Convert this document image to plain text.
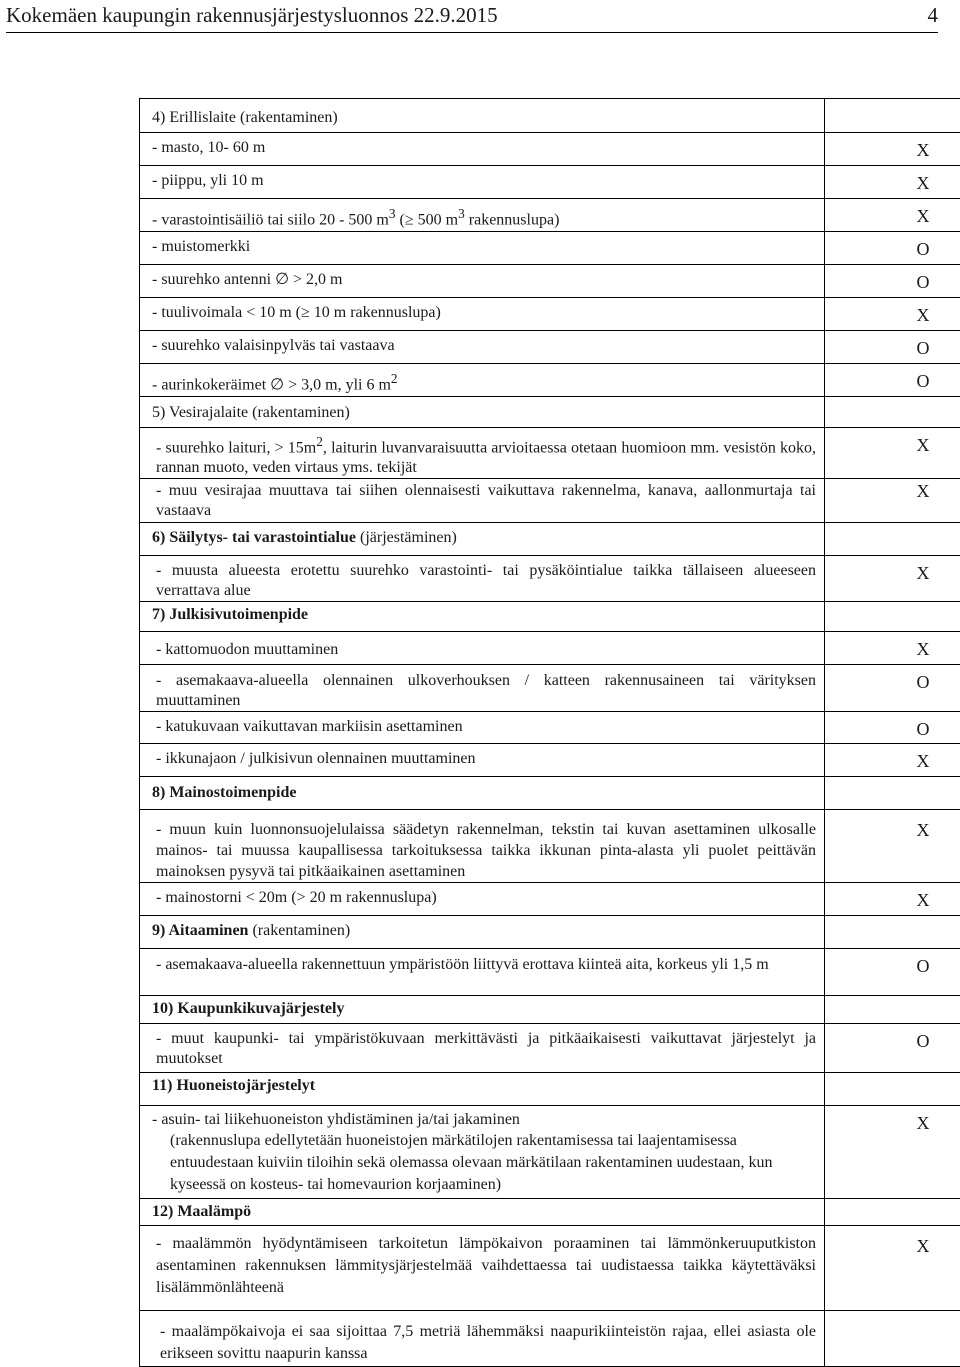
Kokemäen kaupungin rakennusjärjestysluonnos 22.9.2015	4
4) Erillislaite (rakentaminen)	

- masto, 10- 60 m	X

- piippu, yli 10 m	X

- varastointisäiliö tai siilo 20 - 500 $m^3$ (≥ 500 $m^3$ rakennuslupa)	X

- muistomerkki	O

- suurehko antenni ∅ > 2,0 m	O

- tuulivoimala < 10 m (≥ 10 m rakennuslupa)	X

- suurehko valaisinpylväs tai vastaava	O

- aurinkokeräimet ∅ > 3,0 m, yli 6 $m^2$	O

5) Vesirajalaite (rakentaminen)	

- suurehko laituri, > $15m^2$, laiturin luvanvaraisuutta arvioitaessa otetaan huomioon mm. vesistön koko, rannan muoto, veden virtaus yms. tekijät	X

- muu vesirajaa muuttava tai siihen olennaisesti vaikuttava rakennelma, kanava, aallonmurtaja tai vastaava	X

6) Säilytys- tai varastointialue (järjestäminen)	

- muusta alueesta erotettu suurehko varastointi- tai pysäköintialue taikka tällaiseen alueeseen verrattava alue	X

7) Julkisivutoimenpide	

- kattomuodon muuttaminen	X

- asemakaava-alueella olennainen ulkoverhouksen / katteen rakennusaineen tai värityksen muuttaminen	O

- katukuvaan vaikuttavan markiisin asettaminen	O

- ikkunajaon / julkisivun olennainen muuttaminen	X

8) Mainostoimenpide	

- muun kuin luonnonsuojelulaissa säädetyn rakennelman, tekstin tai kuvan asettaminen ulkosalle mainos- tai muussa kaupallisessa tarkoituksessa taikka ikkunan pinta-alasta yli puolet peittävän mainoksen pysyvä tai pitkäaikainen asettaminen	X

- mainostorni < 20m (> 20 m rakennuslupa)	X

9) Aitaaminen (rakentaminen)	

- asemakaava-alueella rakennettuun ympäristöön liittyvä erottava kiinteä aita, korkeus yli 1,5 m	O

10) Kaupunkikuvajärjestely	

- muut kaupunki- tai ympäristökuvaan merkittävästi ja pitkäaikaisesti vaikuttavat järjestelyt ja muutokset	O

11) Huoneistojärjestelyt	

- asuin- tai liikehuoneiston yhdistäminen ja/tai jakaminen
(rakennuslupa edellytetään huoneistojen märkätilojen rakentamisessa tai laajentamisessa entuudestaan kuiviin tiloihin sekä olemassa olevaan märkätilaan rakentaminen uudestaan, kun kyseessä on kosteus- tai homevaurion korjaaminen)	X

12) Maalämpö	

- maalämmön hyödyntämiseen tarkoitetun lämpökaivon poraaminen tai lämmönkeruuputkiston asentaminen rakennuksen lämmitysjärjestelmää vaihdettaessa tai uudistaessa taikka käytettäväksi lisälämmönlähteenä	X

- maalämpökaivoja ei saa sijoittaa 7,5 metriä lähemmäksi naapurikiinteistön rajaa, ellei asiasta ole erikseen sovittu naapurin kanssa	
